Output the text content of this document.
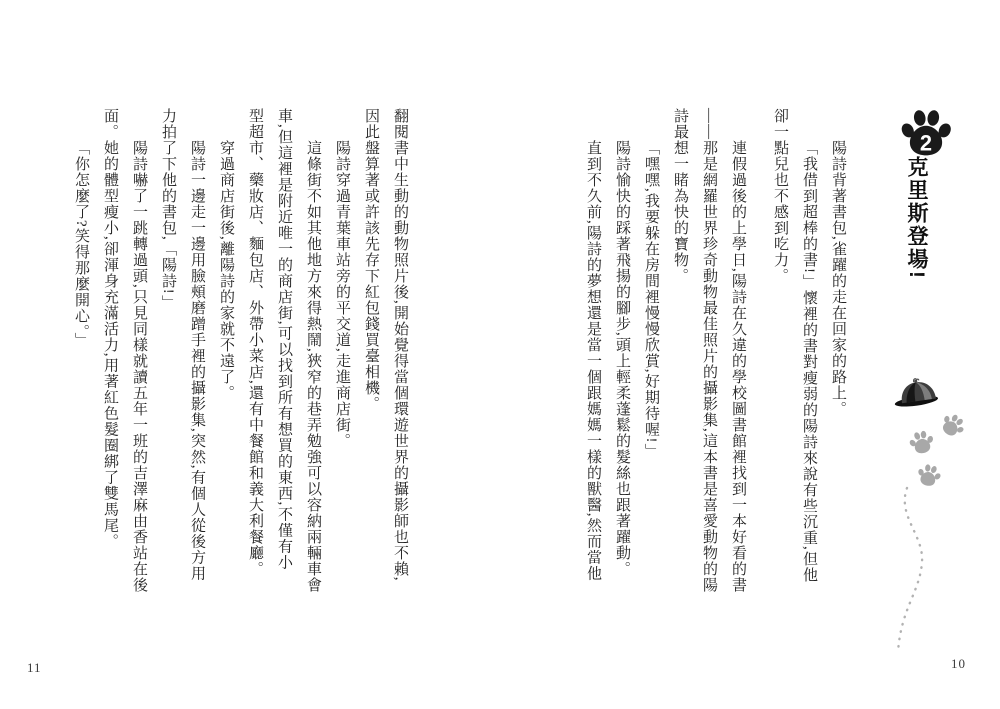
2
克里斯登場!
陽詩背著書包,雀躍的走在回家的路上。
「我借到超棒的書!」懷裡的書對瘦弱的陽詩來說有些沉重,但他
卻一點兒也不感到吃力。
連假過後的上學日,陽詩在久違的學校圖書館裡找到一本好看的書
——那是網羅世界珍奇動物最佳照片的攝影集,這本書是喜愛動物的陽
詩最想一睹為快的寶物。
「嘿嘿,我要躲在房間裡慢慢欣賞,好期待喔!」
陽詩愉快的踩著飛揚的腳步,頭上輕柔蓬鬆的髮絲也跟著躍動。
直到不久前,陽詩的夢想還是當一個跟媽媽一樣的獸醫,然而當他
翻閱書中生動的動物照片後,開始覺得當個環遊世界的攝影師也不賴,
因此盤算著或許該先存下紅包錢買臺相機。
陽詩穿過青葉車站旁的平交道,走進商店街。
這條街不如其他地方來得熱鬧,狹窄的巷弄勉強可以容納兩輛車會
車,但這裡是附近唯一的商店街,可以找到所有想買的東西,不僅有小
型超市、藥妝店、麵包店、外帶小菜店,還有中餐館和義大利餐廳。
穿過商店街後,離陽詩的家就不遠了。
陽詩一邊走一邊用臉頰磨蹭手裡的攝影集,突然,有個人從後方用
力拍了下他的書包,「陽詩!」
陽詩嚇了一跳轉過頭,只見同樣就讀五年一班的吉澤麻由香站在後
面。她的體型瘦小,卻渾身充滿活力,用著紅色髮圈綁了雙馬尾。
「你怎麼了?笑得那麼開心。」
10
11
